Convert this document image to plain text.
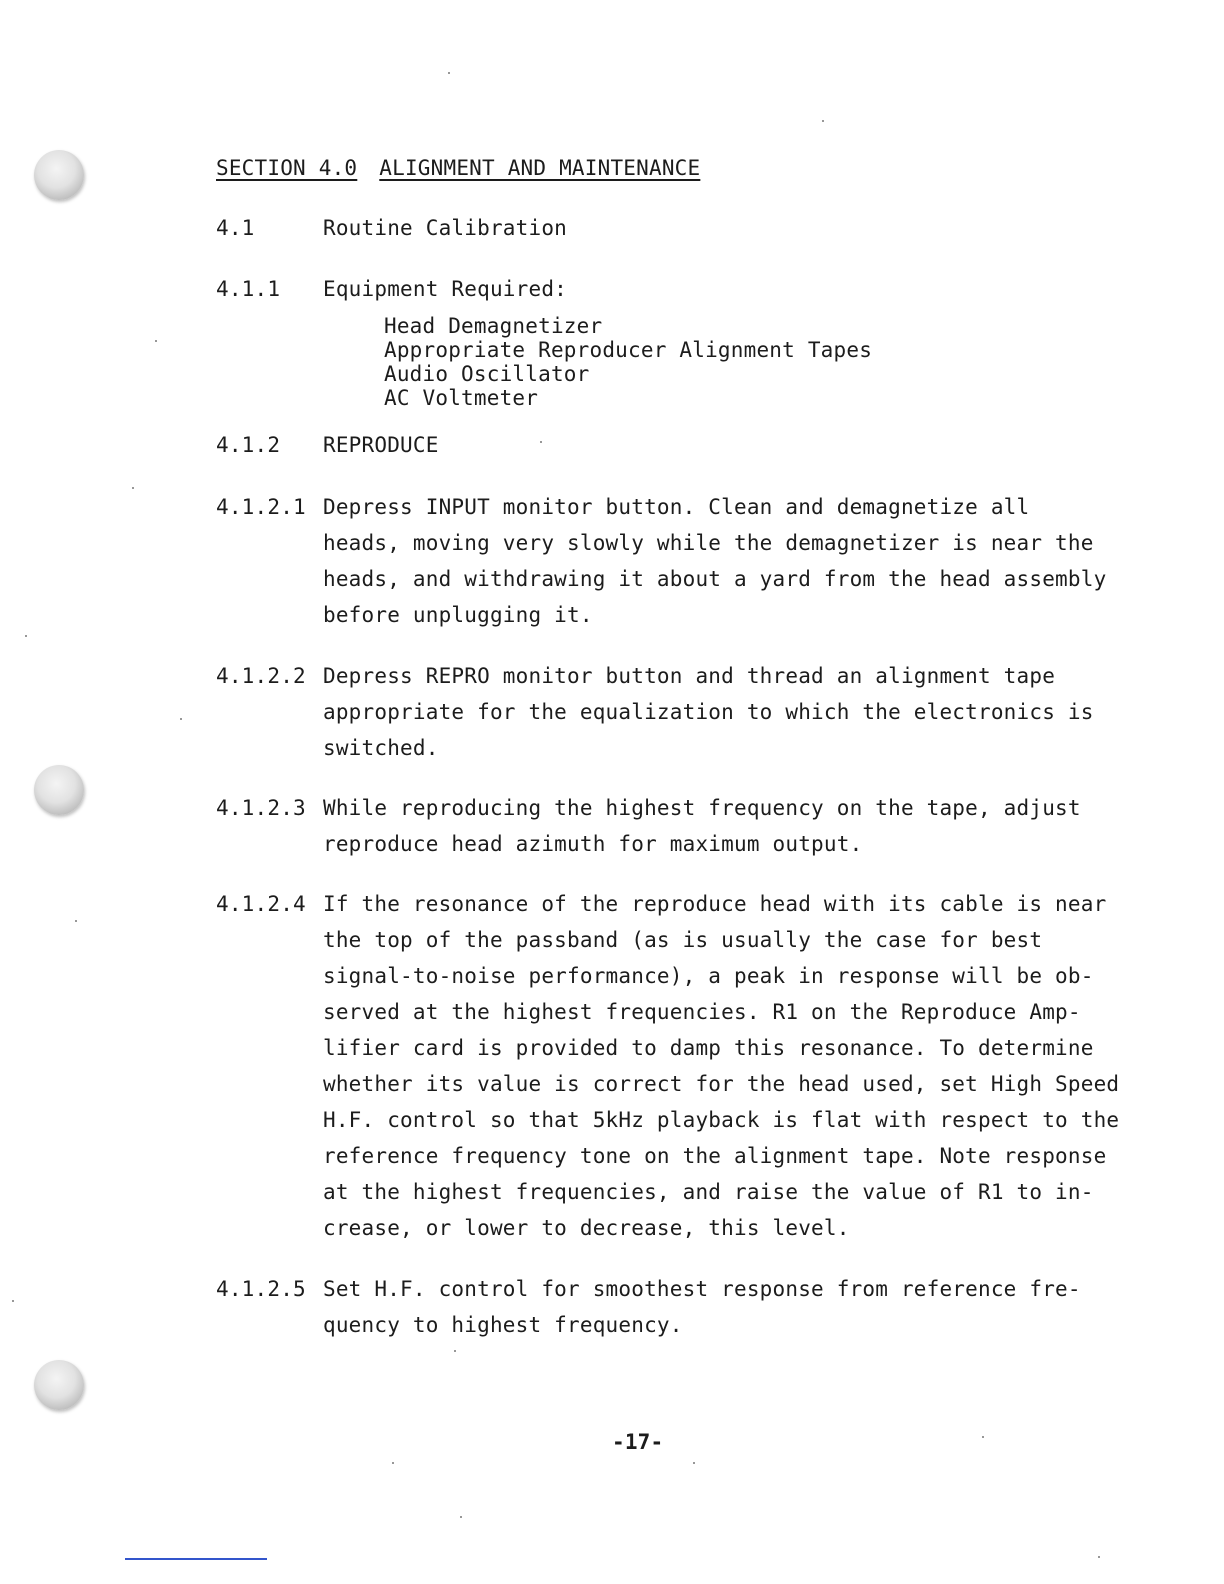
SECTION 4.0 ALIGNMENT AND MAINTENANCE
4.1	Routine Calibration
4.1.1 Equipment Required:
Head Demagnetizer
Appropriate Reproducer Alignment Tapes
Audio Oscillator
AC Voltmeter
4.1.2 REPRODUCE
4.1.2.1 Depress INPUT monitor button. Clean and demagnetize all
heads, moving very slowly while the demagnetizer is near the
heads, and withdrawing it about a yard from the head assembly
before unplugging it.
4.1.2.2 Depress REPRO monitor button and thread an alignment tape
appropriate for the equalization to which the electronics is
switched.
4.1.2.3 While reproducing the highest frequency on the tape, adjust
reproduce head azimuth for maximum output.
4.1.2.4 If the resonance of the reproduce head with its cable is near
the top of the passband (as is usually the case for best
signal-to-noise performance), a peak in response will be ob-
served at the highest frequencies. R1 on the Reproduce Amp-
lifier card is provided to damp this resonance. To determine
whether its value is correct for the head used, set High Speed
H.F. control so that 5kHz playback is flat with respect to the
reference frequency tone on the alignment tape. Note response
at the highest frequencies, and raise the value of R1 to in-
crease, or lower to decrease, this level.
4.1.2.5 Set H.F. control for smoothest response from reference fre-
quency to highest frequency.
-17-
